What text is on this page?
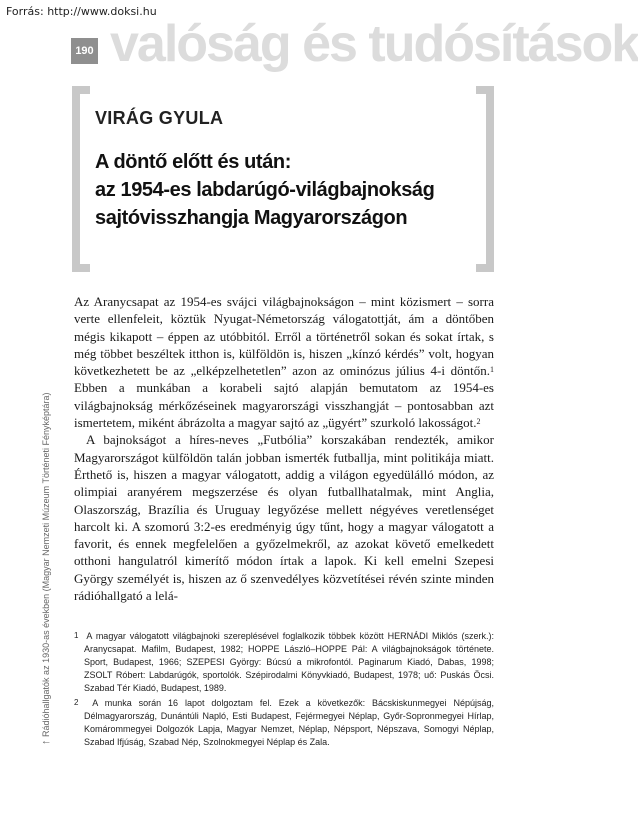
Forrás: http://www.doksi.hu
190 valóság és tudósítások
VIRÁG GYULA
A döntő előtt és után:
az 1954-es labdarúgó-világbajnokság
sajtóvisszhangja Magyarországon

Az Aranycsapat az 1954-es svájci világbajnokságon – mint közismert – sorra verte ellenfeleit, köztük Nyugat-Németország válogatottját, ám a döntőben mégis kikapott – éppen az utóbbitól. Erről a történetről sokan és sokat írtak, s még többet beszéltek itthon is, külföldön is, hiszen „kínzó kérdés” volt, hogyan következhetett be az „elképzelhetetlen” azon az ominózus július 4-i döntőn.$^1$ Ebben a munkában a korabeli sajtó alapján bemutatom az 1954-es világbajnokság mérkőzéseinek magyarországi visszhangját – pontosabban azt ismertetem, miként ábrázolta a magyar sajtó az „ügyért” szurkoló lakosságot.$^2$

A bajnokságot a híres-neves „Futbólia” korszakában rendezték, amikor Magyarországot külföldön talán jobban ismerték futballja, mint politikája miatt. Érthető is, hiszen a magyar válogatott, addig a világon egyedülálló módon, az olimpiai aranyérem megszerzése és olyan futballhatalmak, mint Anglia, Olaszország, Brazília és Uruguay legyőzése mellett négyéves veretlenséget harcolt ki. A szomorú 3:2-es eredményig úgy tűnt, hogy a magyar válogatott a favorit, és ennek megfelelően a győzelmekről, az azokat követő emelkedett otthoni hangulatról kimerítő módon írtak a lapok. Ki kell emelni Szepesi György személyét is, hiszen az ő szenvedélyes közvetítései révén szinte minden rádióhallgató a lelá-

1 A magyar válogatott világbajnoki szereplésével foglalkozik többek között HERNÁDI Miklós (szerk.): Aranycsapat. Mafilm, Budapest, 1982; HOPPE László–HOPPE Pál: A világbajnokságok története. Sport, Budapest, 1966; SZEPESI György: Búcsú a mikrofontól. Paginarum Kiadó, Dabas, 1998; ZSOLT Róbert: Labdarúgók, sportolók. Szépirodalmi Könyvkiadó, Budapest, 1978; uő: Puskás Öcsi. Szabad Tér Kiadó, Budapest, 1989.

2 A munka során 16 lapot dolgoztam fel. Ezek a következők: Bácskiskunmegyei Népújság, Délmagyarország, Dunántúli Napló, Esti Budapest, Fejérmegyei Néplap, Győr-Sopronmegyei Hírlap, Komárommegyei Dolgozók Lapja, Magyar Nemzet, Néplap, Népsport, Népszava, Somogyi Néplap, Szabad Ifjúság, Szabad Nép, Szolnokmegyei Néplap és Zala.

↑ Rádióhallgatók az 1930-as években (Magyar Nemzeti Múzeum Történeti Fényképtára)
